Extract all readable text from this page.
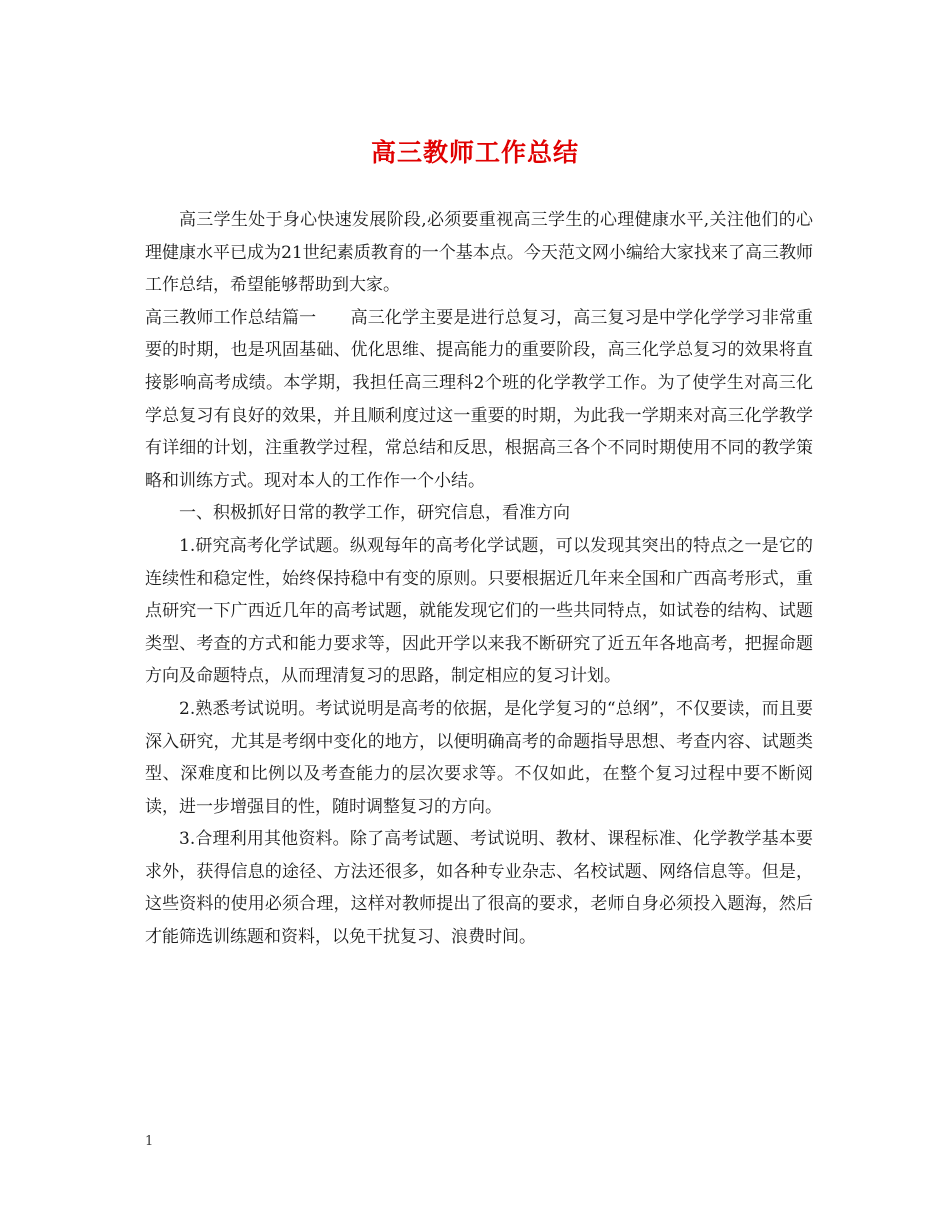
高三教师工作总结

高三学生处于身心快速发展阶段,必须要重视高三学生的心理健康水平,关注他们的心理健康水平已成为21世纪素质教育的一个基本点。今天范文网小编给大家找来了高三教师工作总结，希望能够帮助到大家。

高三教师工作总结篇一　　高三化学主要是进行总复习，高三复习是中学化学学习非常重要的时期，也是巩固基础、优化思维、提高能力的重要阶段，高三化学总复习的效果将直接影响高考成绩。本学期，我担任高三理科2个班的化学教学工作。为了使学生对高三化学总复习有良好的效果，并且顺利度过这一重要的时期，为此我一学期来对高三化学教学有详细的计划，注重教学过程，常总结和反思，根据高三各个不同时期使用不同的教学策略和训练方式。现对本人的工作作一个小结。

一、积极抓好日常的教学工作，研究信息，看准方向

1.研究高考化学试题。纵观每年的高考化学试题，可以发现其突出的特点之一是它的连续性和稳定性，始终保持稳中有变的原则。只要根据近几年来全国和广西高考形式，重点研究一下广西近几年的高考试题，就能发现它们的一些共同特点，如试卷的结构、试题类型、考查的方式和能力要求等，因此开学以来我不断研究了近五年各地高考，把握命题方向及命题特点，从而理清复习的思路，制定相应的复习计划。

2.熟悉考试说明。考试说明是高考的依据，是化学复习的“总纲”，不仅要读，而且要深入研究，尤其是考纲中变化的地方，以便明确高考的命题指导思想、考查内容、试题类型、深难度和比例以及考查能力的层次要求等。不仅如此，在整个复习过程中要不断阅读，进一步增强目的性，随时调整复习的方向。

3.合理利用其他资料。除了高考试题、考试说明、教材、课程标准、化学教学基本要求外，获得信息的途径、方法还很多，如各种专业杂志、名校试题、网络信息等。但是，这些资料的使用必须合理，这样对教师提出了很高的要求，老师自身必须投入题海，然后才能筛选训练题和资料，以免干扰复习、浪费时间。

1
